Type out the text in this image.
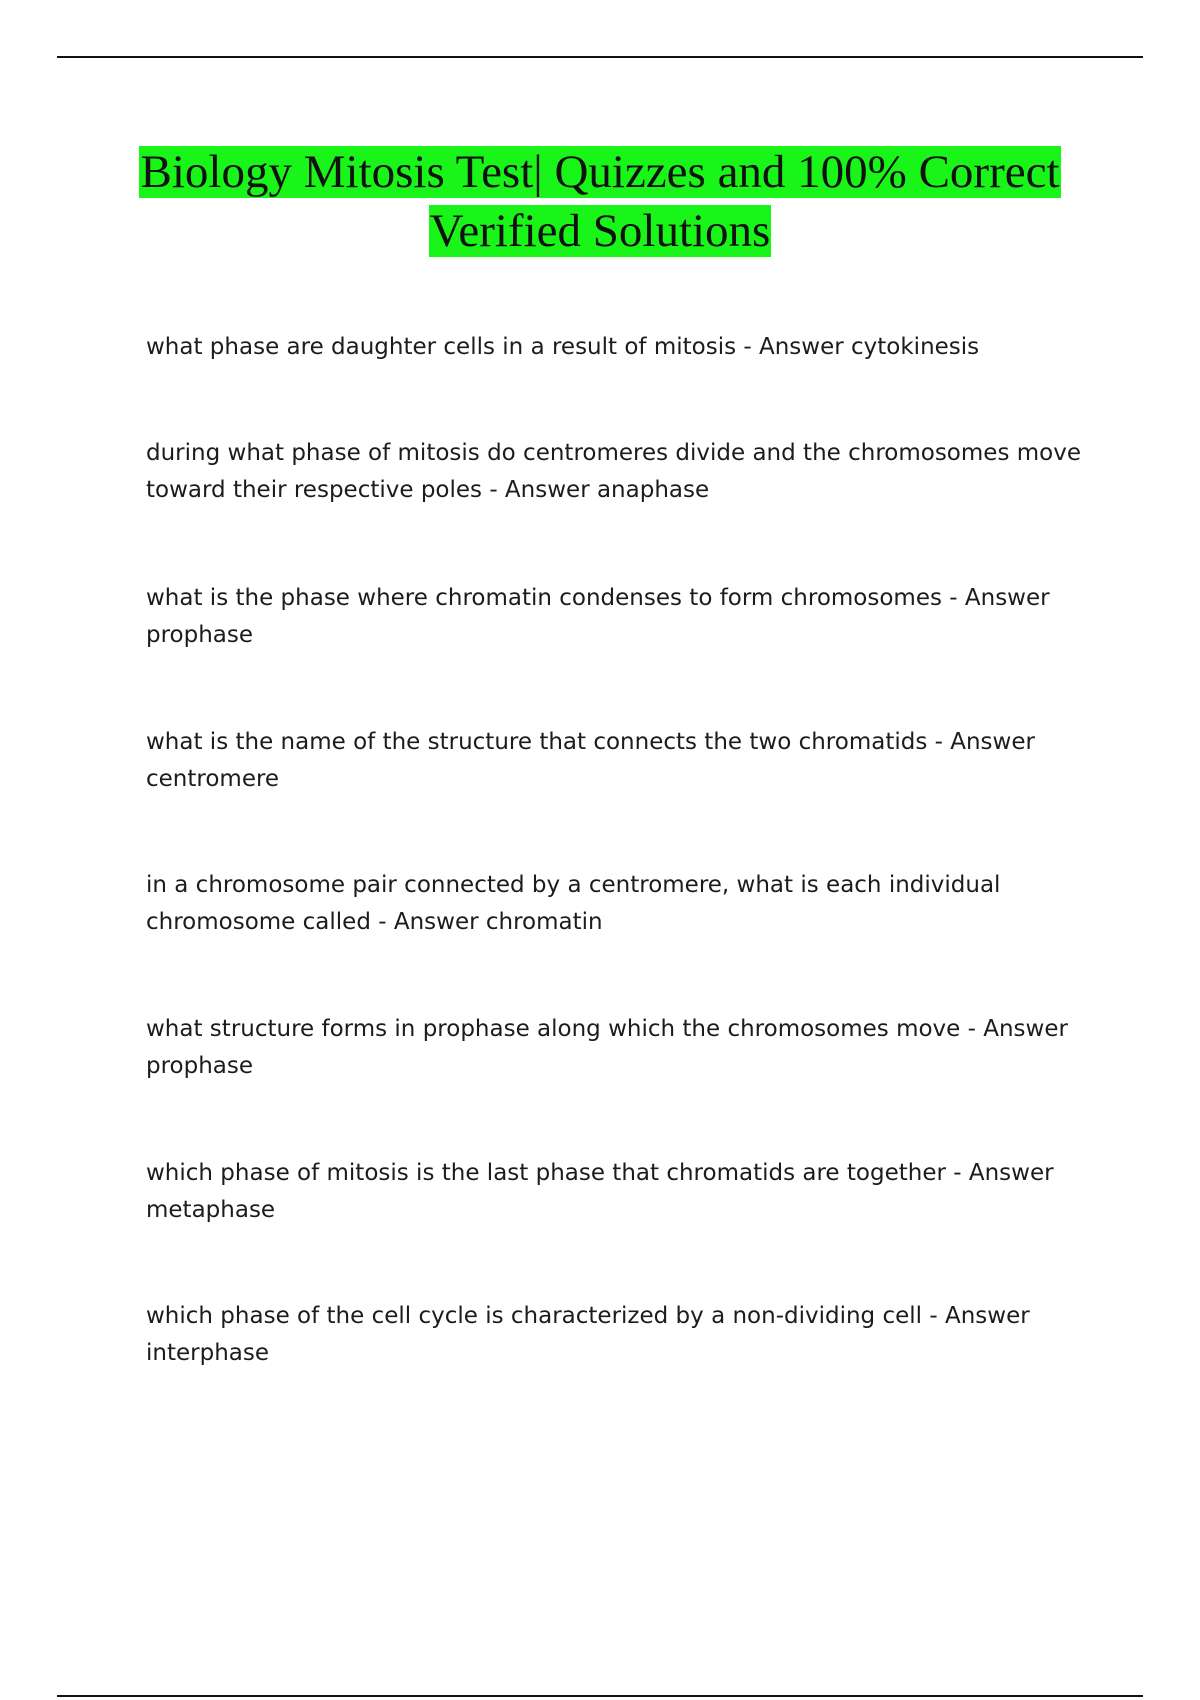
Biology Mitosis Test| Quizzes and 100% Correct
Verified Solutions
what phase are daughter cells in a result of mitosis - Answer cytokinesis
during what phase of mitosis do centromeres divide and the chromosomes move
toward their respective poles - Answer anaphase
what is the phase where chromatin condenses to form chromosomes - Answer
prophase
what is the name of the structure that connects the two chromatids - Answer
centromere
in a chromosome pair connected by a centromere, what is each individual
chromosome called - Answer chromatin
what structure forms in prophase along which the chromosomes move - Answer
prophase
which phase of mitosis is the last phase that chromatids are together - Answer
metaphase
which phase of the cell cycle is characterized by a non-dividing cell - Answer
interphase
